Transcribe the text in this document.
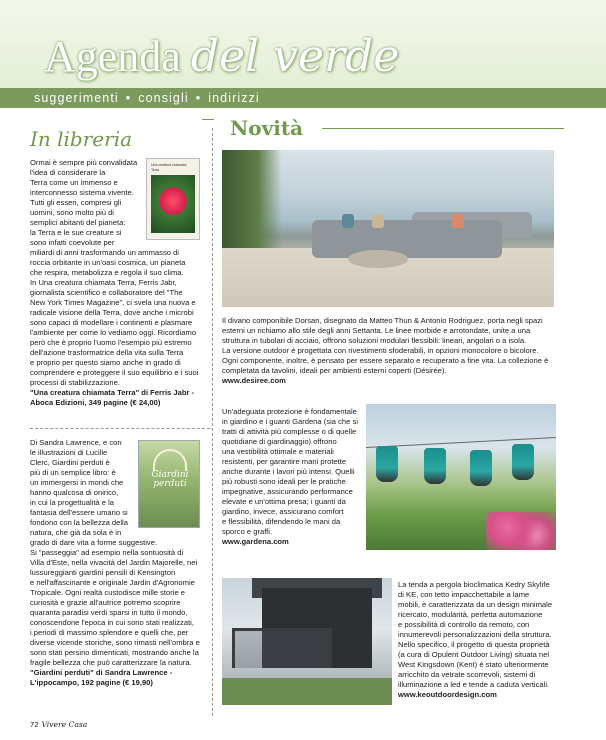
Agenda del verde
suggerimenti • consigli • indirizzi
In libreria
Una creatura chiamata Terra
Ormai è sempre più convalidata
l'idea di considerare la
Terra come un immenso e
interconnesso sistema vivente.
Tutti gli esseri, compresi gli
uomini, sono molto più di
semplici abitanti del pianeta:
la Terra e le sue creature si
sono infatti coevolute per
miliardi di anni trasformando un ammasso di
roccia orbitante in un'oasi cosmica, un pianeta
che respira, metabolizza e regola il suo clima.
In Una creatura chiamata Terra, Ferris Jabr,
giornalista scientifico e collaboratore del "The
New York Times Magazine", ci svela una nuova e
radicale visione della Terra, dove anche i microbi
sono capaci di modellare i continenti e plasmare
l'ambiente per come lo vediamo oggi. Ricordiamo
però che è proprio l'uomo l'esempio più estremo
dell'azione trasformatrice della vita sulla Terra
e proprio per questo siamo anche in grado di
comprendere e proteggere il suo equilibrio e i suoi
processi di stabilizzazione.
"Una creatura chiamata Terra" di Ferris Jabr -
Aboca Edizioni, 349 pagine (€ 24,00)
Giardini perduti
Di Sandra Lawrence, e con
le illustrazioni di Lucille
Clerc, Giardini perduti è
più di un semplice libro: è
un immergersi in mondi che
hanno qualcosa di onirico,
in cui la progettualità e la
fantasia dell'essere umano si
fondono con la bellezza della
natura, che già da sola è in
grado di dare vita a forme suggestive.
Si "passeggia" ad esempio nella sontuosità di
Villa d'Este, nella vivacità del Jardin Majorelle, nei
lussureggianti giardini pensili di Kensington
e nell'affascinante e originale Jardin d'Agronomie
Tropicale. Ogni realtà custodisce mille storie e
curiosità e grazie all'autrice potremo scoprire
quaranta paradisi verdi sparsi in tutto il mondo,
conoscendone l'epoca in cui sono stati realizzati,
i periodi di massimo splendore e quelli che, per
diverse vicende storiche, sono rimasti nell'ombra e
sono stati persino dimenticati, mostrando anche la
fragile bellezza che può caratterizzare la natura.
"Giardini perduti" di Sandra Lawrence -
L'ippocampo, 192 pagine (€ 19,90)
Novità
Il divano componibile Dorsan, disegnato da Matteo Thun & Antonio Rodriguez, porta negli spazi
esterni un richiamo allo stile degli anni Settanta. Le linee morbide e arrotondate, unite a una
struttura in tubolari di acciaio, offrono soluzioni modulari flessibili: lineari, angolari o a isola.
La versione outdoor è progettata con rivestimenti sfoderabili, in opzioni monocolore o bicolore.
Ogni componente, inoltre, è pensato per essere separato e recuperato a fine vita. La collezione è
completata da tavolini, ideali per ambienti esterni coperti (Désirée).
www.desiree.com
Un'adeguata protezione è fondamentale
in giardino e i guanti Gardena (sia che si
tratti di attività più complesse o di quelle
quotidiane di giardinaggio) offrono
una vestibilità ottimale e materiali
resistenti, per garantire mani protette
anche durante i lavori più intensi. Quelli
più robusti sono ideali per le pratiche
impegnative, assicurando performance
elevate e un'ottima presa; i guanti da
giardino, invece, assicurano comfort
e flessibilità, difendendo le mani da
sporco e graffi.
www.gardena.com
La tenda a pergola bioclimatica Kedry Skylife
di KE, con tetto impacchettabile a lame
mobili, è caratterizzata da un design minimale
ricercato, modularità, perfetta automazione
e possibilità di controllo da remoto, con
innumerevoli personalizzazioni della struttura.
Nello specifico, il progetto di questa proprietà
(a cura di Opulent Outdoor Living) situata nel
West Kingsdown (Kent) è stato ulteriormente
arricchito da vetrate scorrevoli, sistemi di
illuminazione a led e tende a caduta verticali.
www.keoutdoordesign.com
72 Vivere Casa
